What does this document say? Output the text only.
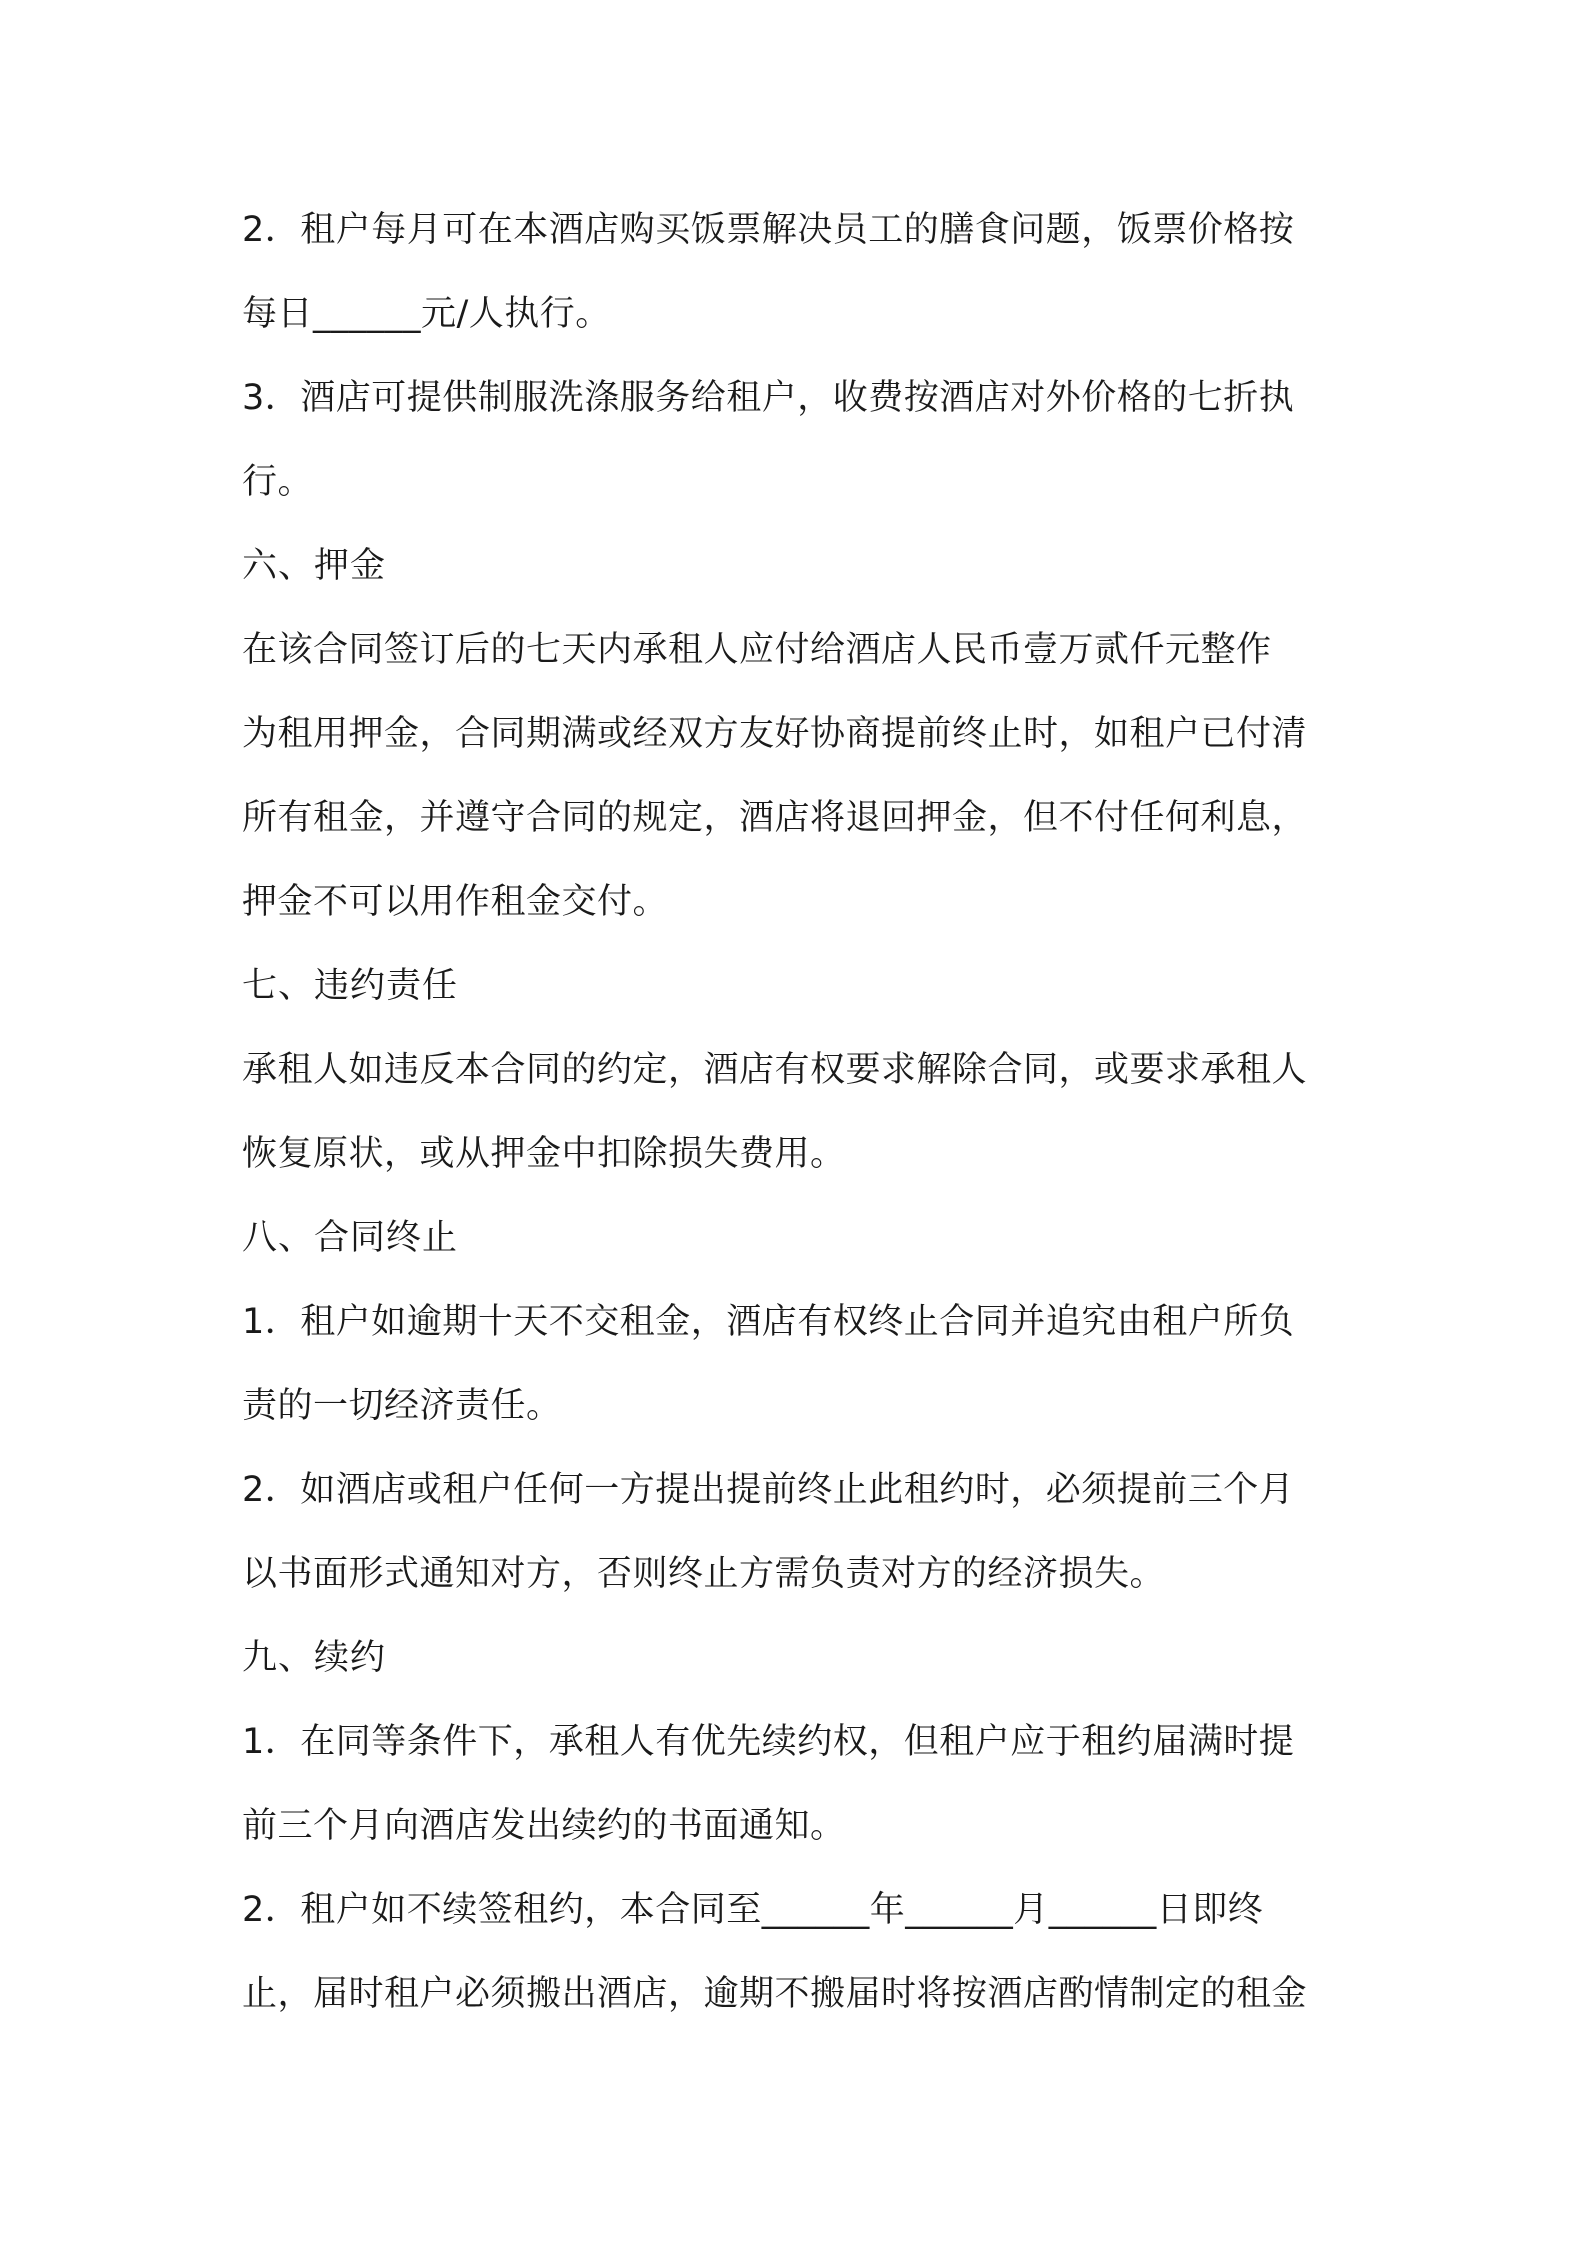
2．租户每月可在本酒店购买饭票解决员工的膳食问题，饭票价格按
每日______元/人执行。
3．酒店可提供制服洗涤服务给租户，收费按酒店对外价格的七折执
行。
六、押金
在该合同签订后的七天内承租人应付给酒店人民币壹万贰仟元整作
为租用押金，合同期满或经双方友好协商提前终止时，如租户已付清
所有租金，并遵守合同的规定，酒店将退回押金，但不付任何利息，
押金不可以用作租金交付。
七、违约责任
承租人如违反本合同的约定，酒店有权要求解除合同，或要求承租人
恢复原状，或从押金中扣除损失费用。
八、合同终止
1．租户如逾期十天不交租金，酒店有权终止合同并追究由租户所负
责的一切经济责任。
2．如酒店或租户任何一方提出提前终止此租约时，必须提前三个月
以书面形式通知对方，否则终止方需负责对方的经济损失。
九、续约
1．在同等条件下，承租人有优先续约权，但租户应于租约届满时提
前三个月向酒店发出续约的书面通知。
2．租户如不续签租约，本合同至______年______月______日即终
止，届时租户必须搬出酒店，逾期不搬届时将按酒店酌情制定的租金
